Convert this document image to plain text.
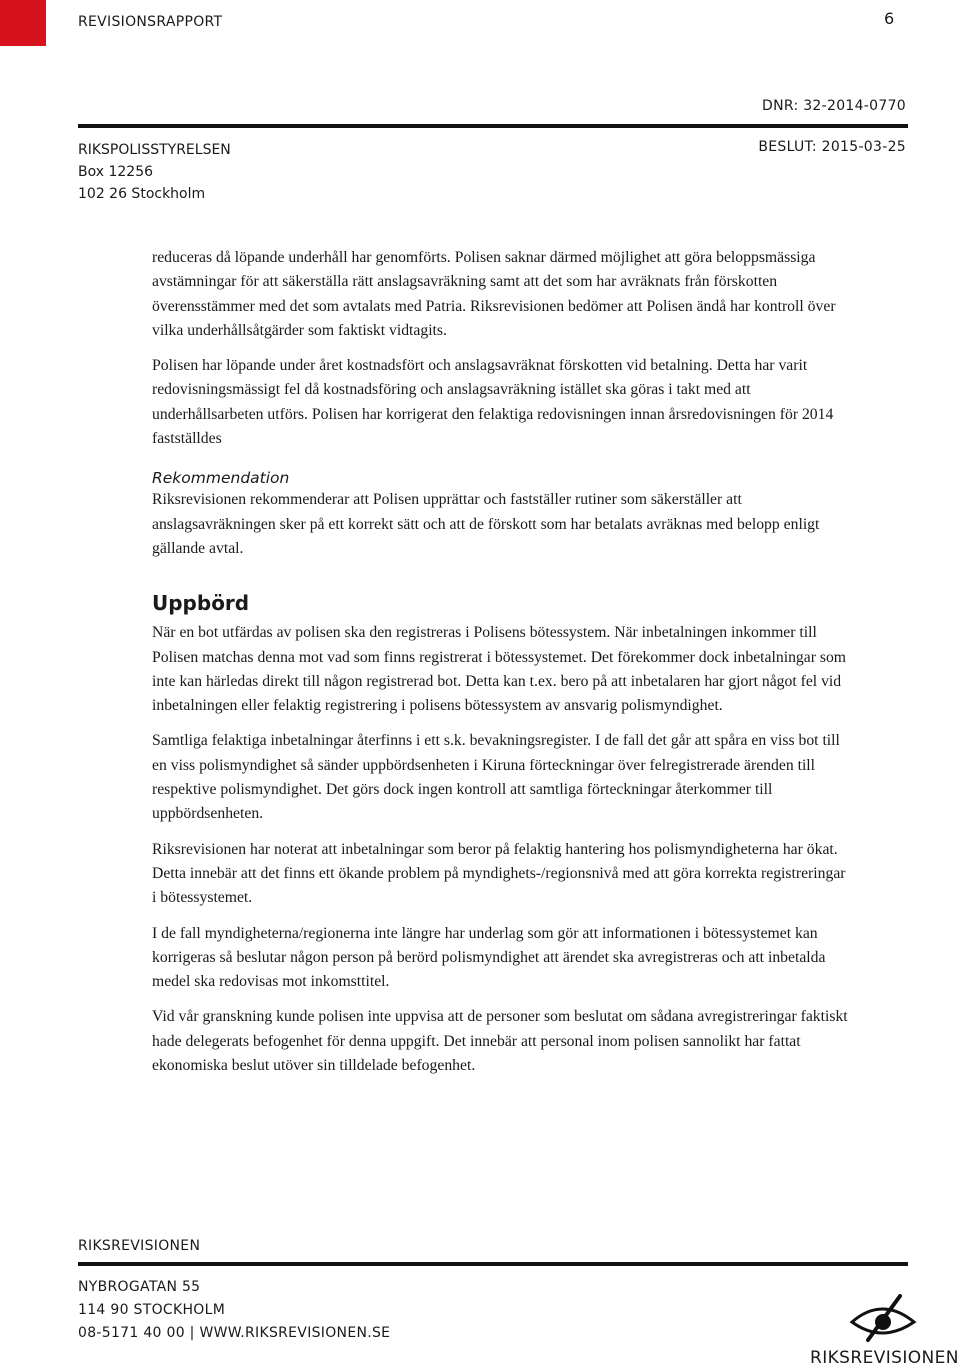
REVISIONSRAPPORT	6
DNR: 32-2014-0770
RIKSPOLISSTYRELSEN
Box 12256
102 26 Stockholm
BESLUT: 2015-03-25

reduceras då löpande underhåll har genomförts. Polisen saknar därmed möjlighet att göra beloppsmässiga avstämningar för att säkerställa rätt anslagsavräkning samt att det som har avräknats från förskotten överensstämmer med det som avtalats med Patria. Riksrevisionen bedömer att Polisen ändå har kontroll över vilka underhållsåtgärder som faktiskt vidtagits.

Polisen har löpande under året kostnadsfört och anslagsavräknat förskotten vid betalning. Detta har varit redovisningsmässigt fel då kostnadsföring och anslagsavräkning istället ska göras i takt med att underhållsarbeten utförs. Polisen har korrigerat den felaktiga redovisningen innan årsredovisningen för 2014 fastställdes

Rekommendation

Riksrevisionen rekommenderar att Polisen upprättar och fastställer rutiner som säkerställer att anslagsavräkningen sker på ett korrekt sätt och att de förskott som har betalats avräknas med belopp enligt gällande avtal.

Uppbörd

När en bot utfärdas av polisen ska den registreras i Polisens bötessystem. När inbetalningen inkommer till Polisen matchas denna mot vad som finns registrerat i bötessystemet. Det förekommer dock inbetalningar som inte kan härledas direkt till någon registrerad bot. Detta kan t.ex. bero på att inbetalaren har gjort något fel vid inbetalningen eller felaktig registrering i polisens bötessystem av ansvarig polismyndighet.

Samtliga felaktiga inbetalningar återfinns i ett s.k. bevakningsregister. I de fall det går att spåra en viss bot till en viss polismyndighet så sänder uppbördsenheten i Kiruna förteckningar över felregistrerade ärenden till respektive polismyndighet. Det görs dock ingen kontroll att samtliga förteckningar återkommer till uppbördsenheten.

Riksrevisionen har noterat att inbetalningar som beror på felaktig hantering hos polismyndigheterna har ökat. Detta innebär att det finns ett ökande problem på myndighets-/regionsnivå med att göra korrekta registreringar i bötessystemet.

I de fall myndigheterna/regionerna inte längre har underlag som gör att informationen i bötessystemet kan korrigeras så beslutar någon person på berörd polismyndighet att ärendet ska avregistreras och att inbetalda medel ska redovisas mot inkomsttitel.

Vid vår granskning kunde polisen inte uppvisa att de personer som beslutat om sådana avregistreringar faktiskt hade delegerats befogenhet för denna uppgift. Det innebär att personal inom polisen sannolikt har fattat ekonomiska beslut utöver sin tilldelade befogenhet.

RIKSREVISIONEN
NYBROGATAN 55
114 90 STOCKHOLM
08-5171 40 00 | WWW.RIKSREVISIONEN.SE
RIKSREVISIONEN
